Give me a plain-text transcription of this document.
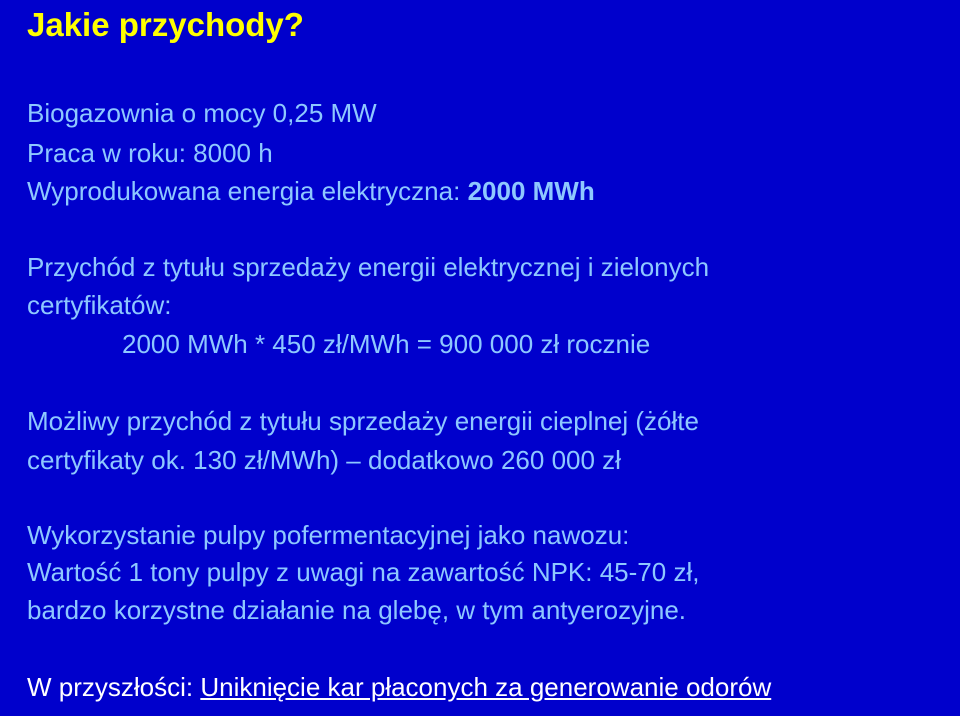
Jakie przychody?

Biogazownia o mocy 0,25 MW

Praca w roku: 8000 h

Wyprodukowana energia elektryczna: 2000 MWh

Przychód z tytułu sprzedaży energii elektrycznej i zielonych

certyfikatów:

2000 MWh * 450 zł/MWh = 900 000 zł rocznie

Możliwy przychód z tytułu sprzedaży energii cieplnej (żółte

certyfikaty ok. 130 zł/MWh) – dodatkowo 260 000 zł

Wykorzystanie pulpy pofermentacyjnej jako nawozu:

Wartość 1 tony pulpy z uwagi na zawartość NPK: 45-70 zł,

bardzo korzystne działanie na glebę, w tym antyerozyjne.

W przyszłości: Uniknięcie kar płaconych za generowanie odorów
